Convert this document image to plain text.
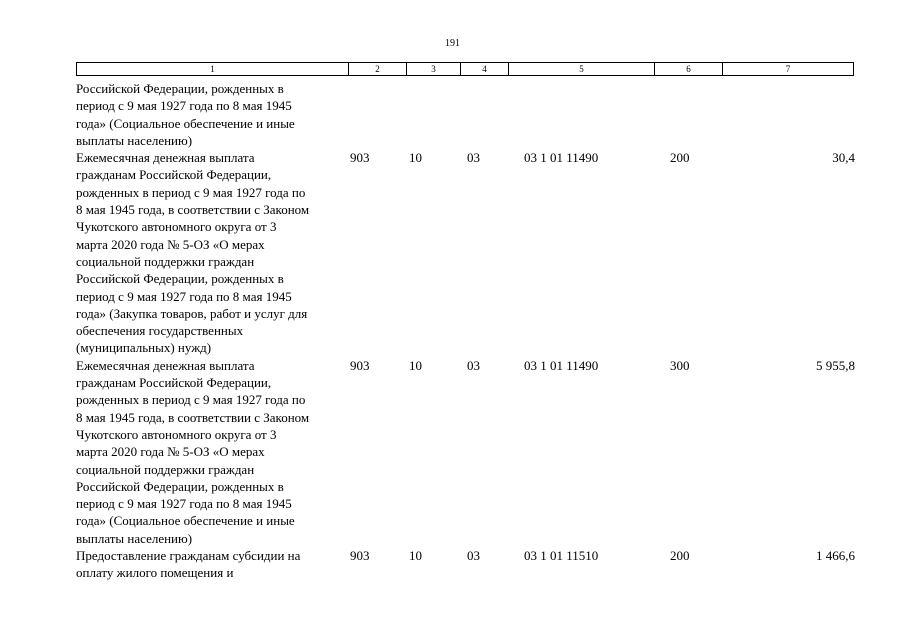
191
1	2	3	4	5	6	7
Российской Федерации, рожденных в
период с 9 мая 1927 года по 8 мая 1945
года» (Социальное обеспечение и иные
выплаты населению)
Ежемесячная денежная выплата
гражданам Российской Федерации,
рожденных в период с 9 мая 1927 года по
8 мая 1945 года, в соответствии с Законом
Чукотского автономного округа от 3
марта 2020 года № 5-ОЗ «О мерах
социальной поддержки граждан
Российской Федерации, рожденных в
период с 9 мая 1927 года по 8 мая 1945
года» (Закупка товаров, работ и услуг для
обеспечения государственных
(муниципальных) нужд)
903	10	03	03 1 01 11490	200	30,4
Ежемесячная денежная выплата
гражданам Российской Федерации,
рожденных в период с 9 мая 1927 года по
8 мая 1945 года, в соответствии с Законом
Чукотского автономного округа от 3
марта 2020 года № 5-ОЗ «О мерах
социальной поддержки граждан
Российской Федерации, рожденных в
период с 9 мая 1927 года по 8 мая 1945
года» (Социальное обеспечение и иные
выплаты населению)
903	10	03	03 1 01 11490	300	5 955,8
Предоставление гражданам субсидии на
оплату жилого помещения и
903	10	03	03 1 01 11510	200	1 466,6
